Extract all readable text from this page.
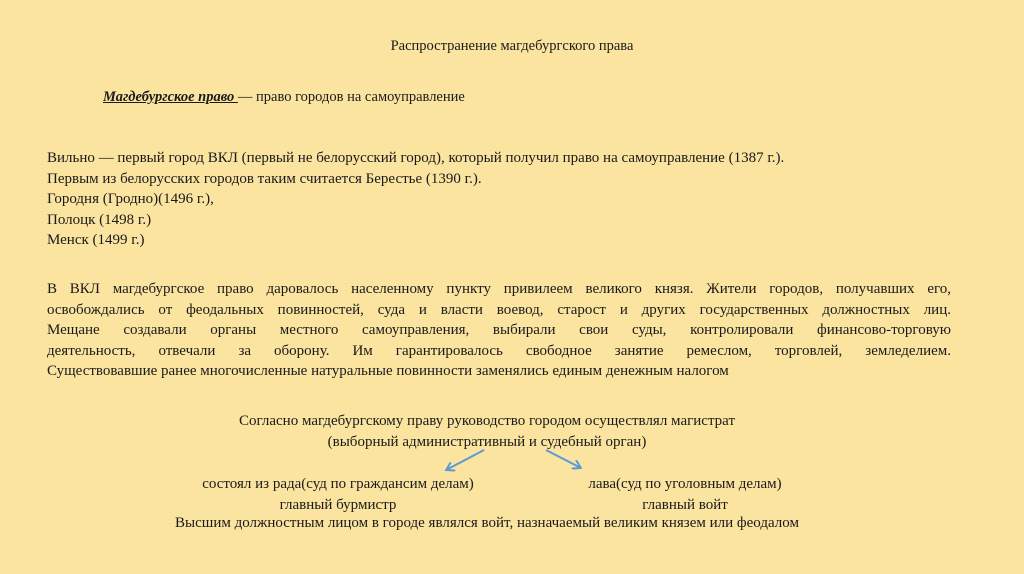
Распространение магдебургского права
Магдебургское право — право городов на самоуправление
Вильно — первый город ВКЛ (первый не белорусский город), который получил право на самоуправление (1387 г.).
Первым из белорусских городов таким считается Берестье (1390 г.).
Городня (Гродно)(1496 г.),
Полоцк (1498 г.)
Менск (1499 г.)
В ВКЛ магдебургское право даровалось населенному пункту привилеем великого князя. Жители городов, получавших его,
освобождались от феодальных повинностей, суда и власти воевод, старост и других государственных должностных лиц.
Мещане создавали органы местного самоуправления, выбирали свои суды, контролировали финансово-торговую
деятельность, отвечали за оборону. Им гарантировалось свободное занятие ремеслом, торговлей, земледелием.
Существовавшие ранее многочисленные натуральные повинности заменялись единым денежным налогом
Согласно магдебургскому праву руководство городом осуществлял магистрат
(выборный административный и судебный орган)
состоял из рада(суд по граждансим делам)
главный бурмистр
лава(суд по уголовным делам)
главный войт
Высшим должностным лицом в городе являлся войт, назначаемый великим князем или феодалом
